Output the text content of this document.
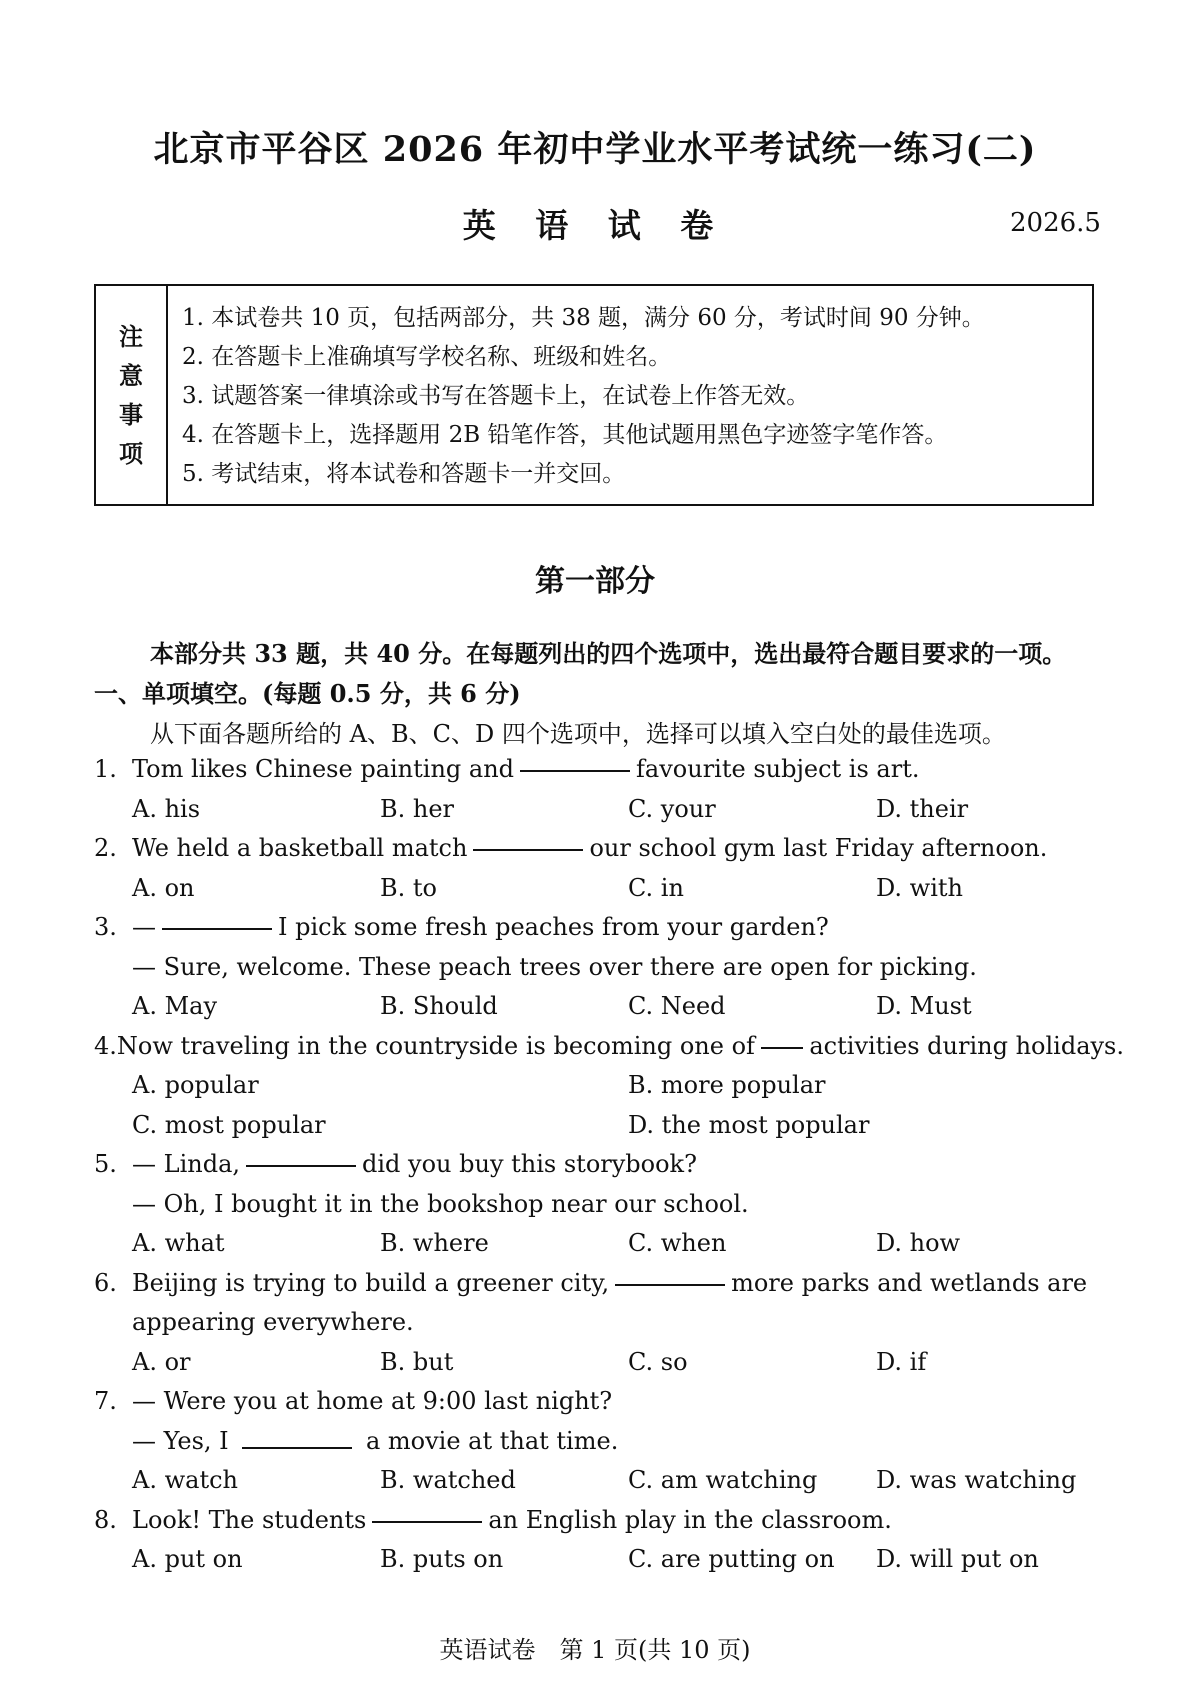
北京市平谷区 2026 年初中学业水平考试统一练习(二)
英 语 试 卷	2026.5
注
意
事
项
1. 本试卷共 10 页，包括两部分，共 38 题，满分 60 分，考试时间 90 分钟。
2. 在答题卡上准确填写学校名称、班级和姓名。
3. 试题答案一律填涂或书写在答题卡上，在试卷上作答无效。
4. 在答题卡上，选择题用 2B 铅笔作答，其他试题用黑色字迹签字笔作答。
5. 考试结束，将本试卷和答题卡一并交回。
第一部分
本部分共 33 题，共 40 分。在每题列出的四个选项中，选出最符合题目要求的一项。
一、单项填空。(每题 0.5 分，共 6 分)
从下面各题所给的 A、B、C、D 四个选项中，选择可以填入空白处的最佳选项。
1. Tom likes Chinese painting and	favourite subject is art.
A. his	B. her	C. your	D. their
2. We held a basketball match	our school gym last Friday afternoon.
A. on	B. to	C. in	D. with
3. —	I pick some fresh peaches from your garden?
— Sure, welcome. These peach trees over there are open for picking.
A. May	B. Should	C. Need	D. Must
4. Now traveling in the countryside is becoming one of activities during holidays.
A. popular	B. more popular
C. most popular	D. the most popular
5. — Linda,	did you buy this storybook?
— Oh, I bought it in the bookshop near our school.
A. what	B. where	C. when	D. how
6. Beijing is trying to build a greener city,	more parks and wetlands are
appearing everywhere.
A. or	B. but	C. so	D. if
7. — Were you at home at 9:00 last night?
— Yes, I	a movie at that time.
A. watch	B. watched	C. am watching	D. was watching
8. Look! The students	an English play in the classroom.
A. put on	B. puts on	C. are putting on	D. will put on
英语试卷　第 1 页(共 10 页)
